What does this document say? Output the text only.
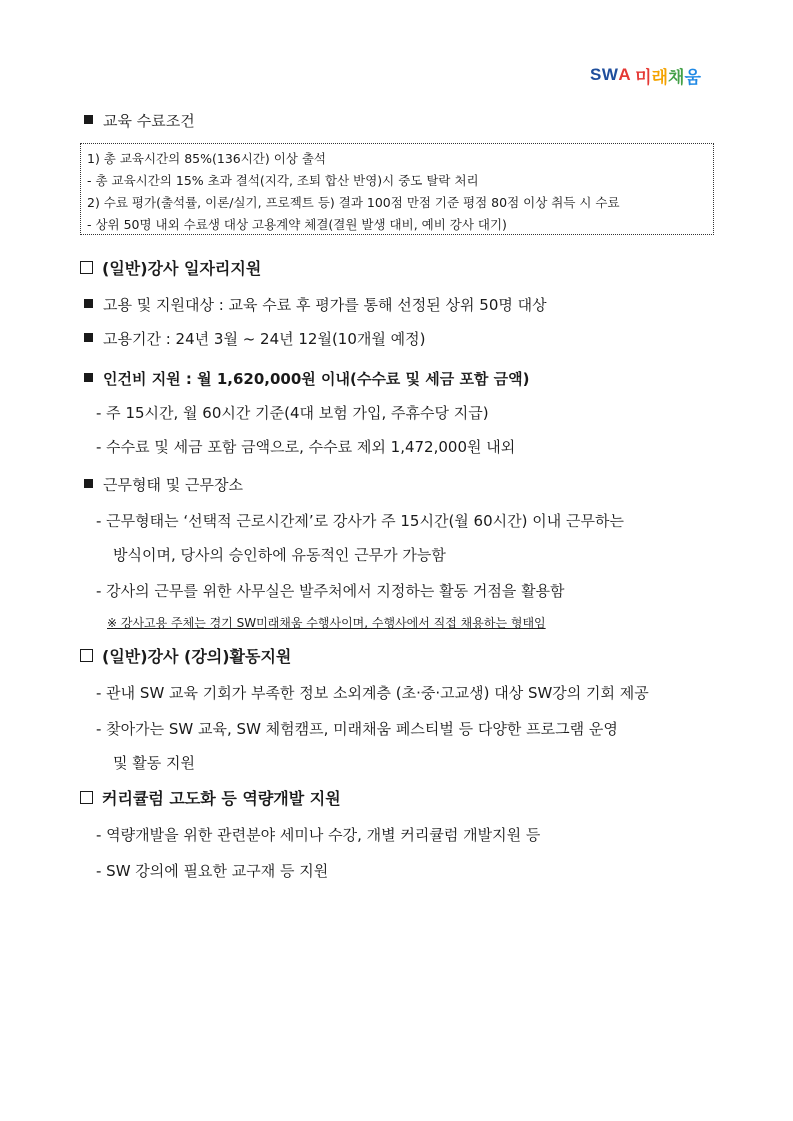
SW A 미 래 채 움
교육 수료조건
1) 총 교육시간의 85%(136시간) 이상 출석
- 총 교육시간의 15% 초과 결석(지각, 조퇴 합산 반영)시 중도 탈락 처리
2) 수료 평가(출석률, 이론/실기, 프로젝트 등) 결과 100점 만점 기준 평점 80점 이상 취득 시 수료
- 상위 50명 내외 수료생 대상 고용계약 체결(결원 발생 대비, 예비 강사 대기)
(일반)강사 일자리지원
고용 및 지원대상 : 교육 수료 후 평가를 통해 선정된 상위 50명 대상
고용기간 : 24년 3월 ~ 24년 12월(10개월 예정)
인건비 지원 : 월 1,620,000원 이내(수수료 및 세금 포함 금액)
- 주 15시간, 월 60시간 기준(4대 보험 가입, 주휴수당 지급)
- 수수료 및 세금 포함 금액으로, 수수료 제외 1,472,000원 내외
근무형태 및 근무장소
- 근무형태는 ‘선택적 근로시간제’로 강사가 주 15시간(월 60시간) 이내 근무하는
방식이며, 당사의 승인하에 유동적인 근무가 가능함
- 강사의 근무를 위한 사무실은 발주처에서 지정하는 활동 거점을 활용함
※ 강사고용 주체는 경기 SW미래채움 수행사이며, 수행사에서 직접 채용하는 형태임
(일반)강사 (강의)활동지원
- 관내 SW 교육 기회가 부족한 정보 소외계층 (초·중·고교생) 대상 SW강의 기회 제공
- 찾아가는 SW 교육, SW 체험캠프, 미래채움 페스티벌 등 다양한 프로그램 운영
및 활동 지원
커리큘럼 고도화 등 역량개발 지원
- 역량개발을 위한 관련분야 세미나 수강, 개별 커리큘럼 개발지원 등
- SW 강의에 필요한 교구재 등 지원
